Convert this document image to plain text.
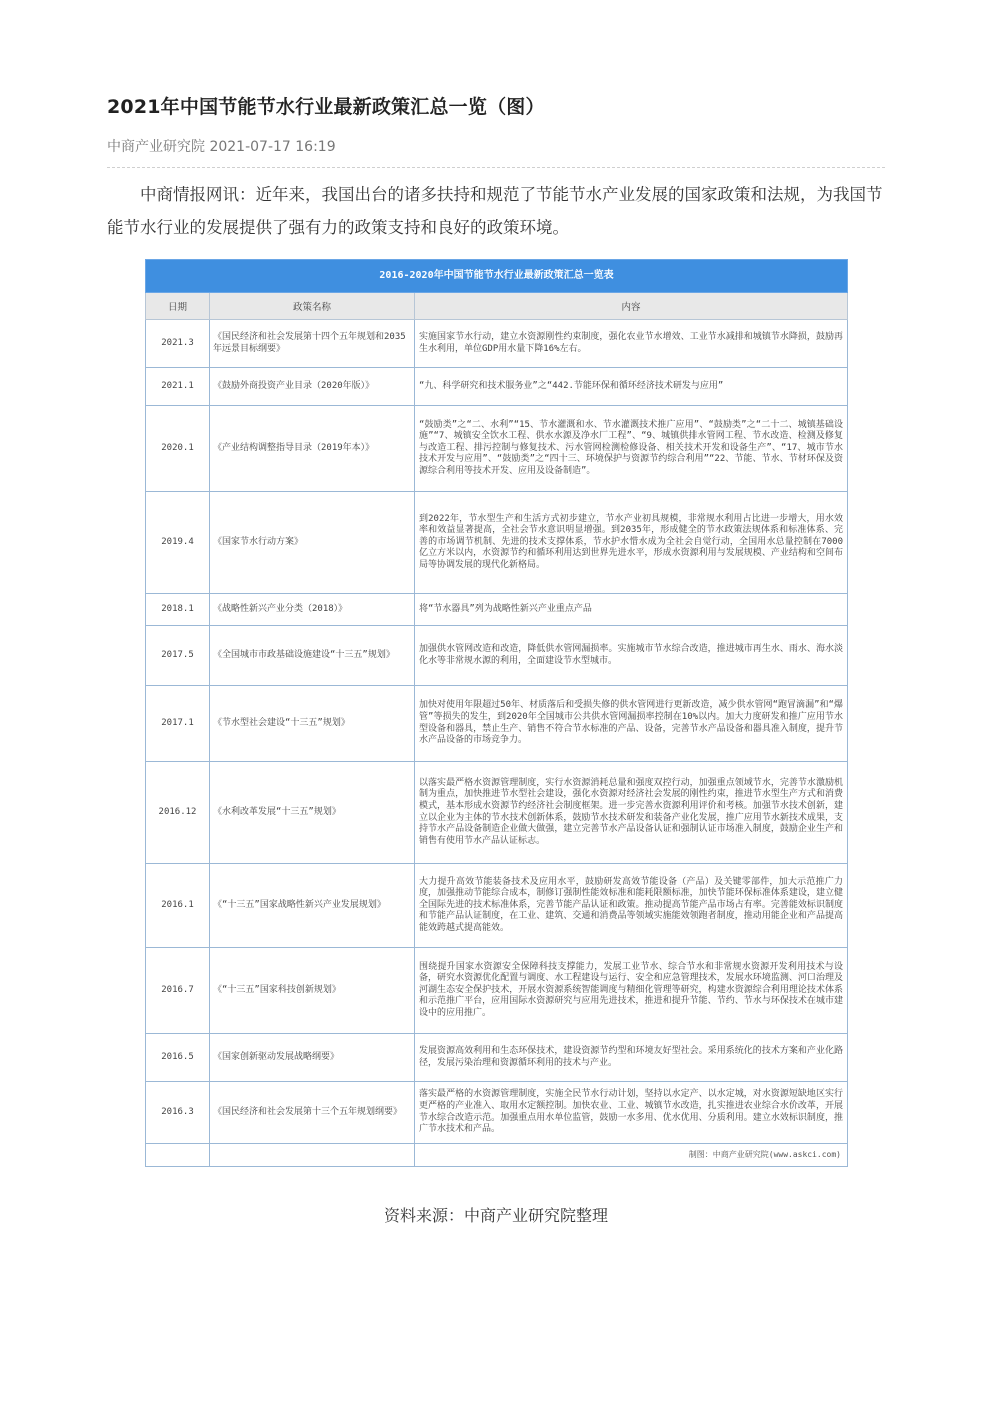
2021年中国节能节水行业最新政策汇总一览（图）
中商产业研究院 2021-07-17 16:19
中商情报网讯：近年来，我国出台的诸多扶持和规范了节能节水产业发展的国家政策和法规，为我国节能节水行业的发展提供了强有力的政策支持和良好的政策环境。
2016-2020年中国节能节水行业最新政策汇总一览表		
日期	政策名称	内容
2021.3	《国民经济和社会发展第十四个五年规划和2035年远景目标纲要》	实施国家节水行动，建立水资源刚性约束制度，强化农业节水增效、工业节水减排和城镇节水降损，鼓励再生水利用，单位GDP用水量下降16%左右。
2021.1	《鼓励外商投资产业目录（2020年版）》	“九、科学研究和技术服务业”之“442.节能环保和循环经济技术研发与应用”
2020.1	《产业结构调整指导目录（2019年本）》	“鼓励类”之“二、水利”“15、节水灌溉和水、节水灌溉技术推广应用”、“鼓励类”之“二十二、城镇基础设施”“7、城镇安全饮水工程、供水水源及净水厂工程”、“9、城镇供排水管网工程、节水改造、检测及修复与改造工程、排污控制与修复技术、污水管网检测检修设备、相关技术开发和设备生产”、“17、城市节水技术开发与应用”、“鼓励类”之“四十三、环境保护与资源节约综合利用”“22、节能、节水、节材环保及资源综合利用等技术开发、应用及设备制造”。
2019.4	《国家节水行动方案》	到2022年，节水型生产和生活方式初步建立，节水产业初具规模，非常规水利用占比进一步增大，用水效率和效益显著提高，全社会节水意识明显增强。到2035年，形成健全的节水政策法规体系和标准体系、完善的市场调节机制、先进的技术支撑体系，节水护水惜水成为全社会自觉行动，全国用水总量控制在7000亿立方米以内，水资源节约和循环利用达到世界先进水平，形成水资源利用与发展规模、产业结构和空间布局等协调发展的现代化新格局。
2018.1	《战略性新兴产业分类（2018）》	将“节水器具”列为战略性新兴产业重点产品
2017.5	《全国城市市政基础设施建设“十三五”规划》	加强供水管网改造和改造，降低供水管网漏损率。实施城市节水综合改造，推进城市再生水、雨水、海水淡化水等非常规水源的利用，全面建设节水型城市。
2017.1	《节水型社会建设“十三五”规划》	加快对使用年限超过50年、材质落后和受损失修的供水管网进行更新改造，减少供水管网“跑冒滴漏”和“爆管”等损失的发生，到2020年全国城市公共供水管网漏损率控制在10%以内。加大力度研发和推广应用节水型设备和器具，禁止生产、销售不符合节水标准的产品、设备，完善节水产品设备和器具准入制度，提升节水产品设备的市场竞争力。
2016.12	《水利改革发展“十三五”规划》	以落实最严格水资源管理制度，实行水资源消耗总量和强度双控行动，加强重点领域节水，完善节水激励机制为重点，加快推进节水型社会建设，强化水资源对经济社会发展的刚性约束，推进节水型生产方式和消费模式，基本形成水资源节约经济社会制度框架。进一步完善水资源利用评价和考核。加强节水技术创新，建立以企业为主体的节水技术创新体系，鼓励节水技术研发和装备产业化发展，推广应用节水新技术成果，支持节水产品设备制造企业做大做强，建立完善节水产品设备认证和强制认证市场准入制度，鼓励企业生产和销售有使用节水产品认证标志。
2016.1	《“十三五”国家战略性新兴产业发展规划》	大力提升高效节能装备技术及应用水平，鼓励研发高效节能设备（产品）及关键零部件，加大示范推广力度，加强推动节能综合成本，制修订强制性能效标准和能耗限额标准，加快节能环保标准体系建设，建立健全国际先进的技术标准体系，完善节能产品认证和政策。推动提高节能产品市场占有率。完善能效标识制度和节能产品认证制度，在工业、建筑、交通和消费品等领域实施能效领跑者制度，推动用能企业和产品提高能效跨越式提高能效。
2016.7	《“十三五”国家科技创新规划》	围绕提升国家水资源安全保障科技支撑能力，发展工业节水、综合节水和非常规水资源开发利用技术与设备，研究水资源优化配置与调度、水工程建设与运行、安全和应急管理技术，发展水环境监测、河口治理及河湖生态安全保护技术，开展水资源系统智能调度与精细化管理等研究，构建水资源综合利用理论技术体系和示范推广平台，应用国际水资源研究与应用先进技术，推进和提升节能、节约、节水与环保技术在城市建设中的应用推广。
2016.5	《国家创新驱动发展战略纲要》	发展资源高效利用和生态环保技术，建设资源节约型和环境友好型社会。采用系统化的技术方案和产业化路径，发展污染治理和资源循环利用的技术与产业。
2016.3	《国民经济和社会发展第十三个五年规划纲要》	落实最严格的水资源管理制度，实施全民节水行动计划，坚持以水定产、以水定城，对水资源短缺地区实行更严格的产业准入、取用水定额控制。加快农业、工业、城镇节水改造，扎实推进农业综合水价改革，开展节水综合改造示范。加强重点用水单位监管，鼓励一水多用、优水优用、分质利用。建立水效标识制度，推广节水技术和产品。
		制图：中商产业研究院(www.askci.com)
资料来源：中商产业研究院整理
